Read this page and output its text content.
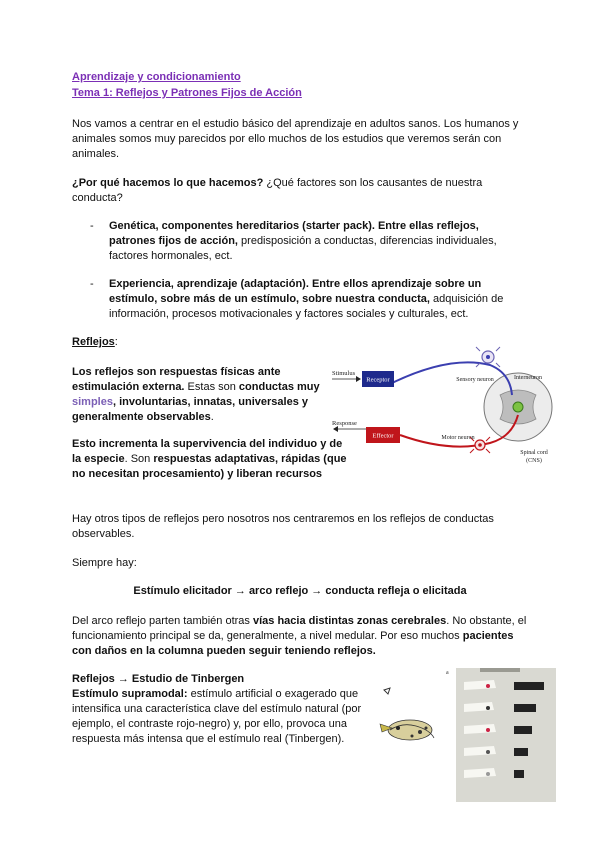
Aprendizaje y condicionamiento
Tema 1: Reflejos y Patrones Fijos de Acción

Nos vamos a centrar en el estudio básico del aprendizaje en adultos sanos. Los humanos y animales somos muy parecidos por ello muchos de los estudios que veremos serán con animales.

¿Por qué hacemos lo que hacemos? ¿Qué factores son los causantes de nuestra conducta?

- Genética, componentes hereditarios (starter pack). Entre ellas reflejos, patrones fijos de acción, predisposición a conductas, diferencias individuales, factores hormonales, ect.

- Experiencia, aprendizaje (adaptación). Entre ellos aprendizaje sobre un estímulo, sobre más de un estímulo, sobre nuestra conducta, adquisición de información, procesos motivacionales y factores sociales y culturales, ect.

Reflejos:

Los reflejos son respuestas físicas ante estimulación externa. Estas son conductas muy simples, involuntarias, innatas, universales y generalmente observables.

Esto incrementa la supervivencia del individuo y de la especie. Son respuestas adaptativas, rápidas (que no necesitan procesamiento) y liberan recursos

Stimulus
Receptor	Sensory neuron	Interneuron
Response
Effector	Motor neuron
Spinal cord
(CNS)

Hay otros tipos de reflejos pero nosotros nos centraremos en los reflejos de conductas observables.

Siempre hay:

Estímulo elicitador → arco reflejo → conducta refleja o elicitada

Del arco reflejo parten también otras vías hacia distintas zonas cerebrales. No obstante, el funcionamiento principal se da, generalmente, a nivel medular. Por eso muchos pacientes con daños en la columna pueden seguir teniendo reflejos.

Reflejos → Estudio de Tinbergen

Estímulo supramodal: estímulo artificial o exagerado que intensifica una característica clave del estímulo natural (por ejemplo, el contraste rojo-negro) y, por ello, provoca una respuesta más intensa que el estímulo real (Tinbergen).

a
